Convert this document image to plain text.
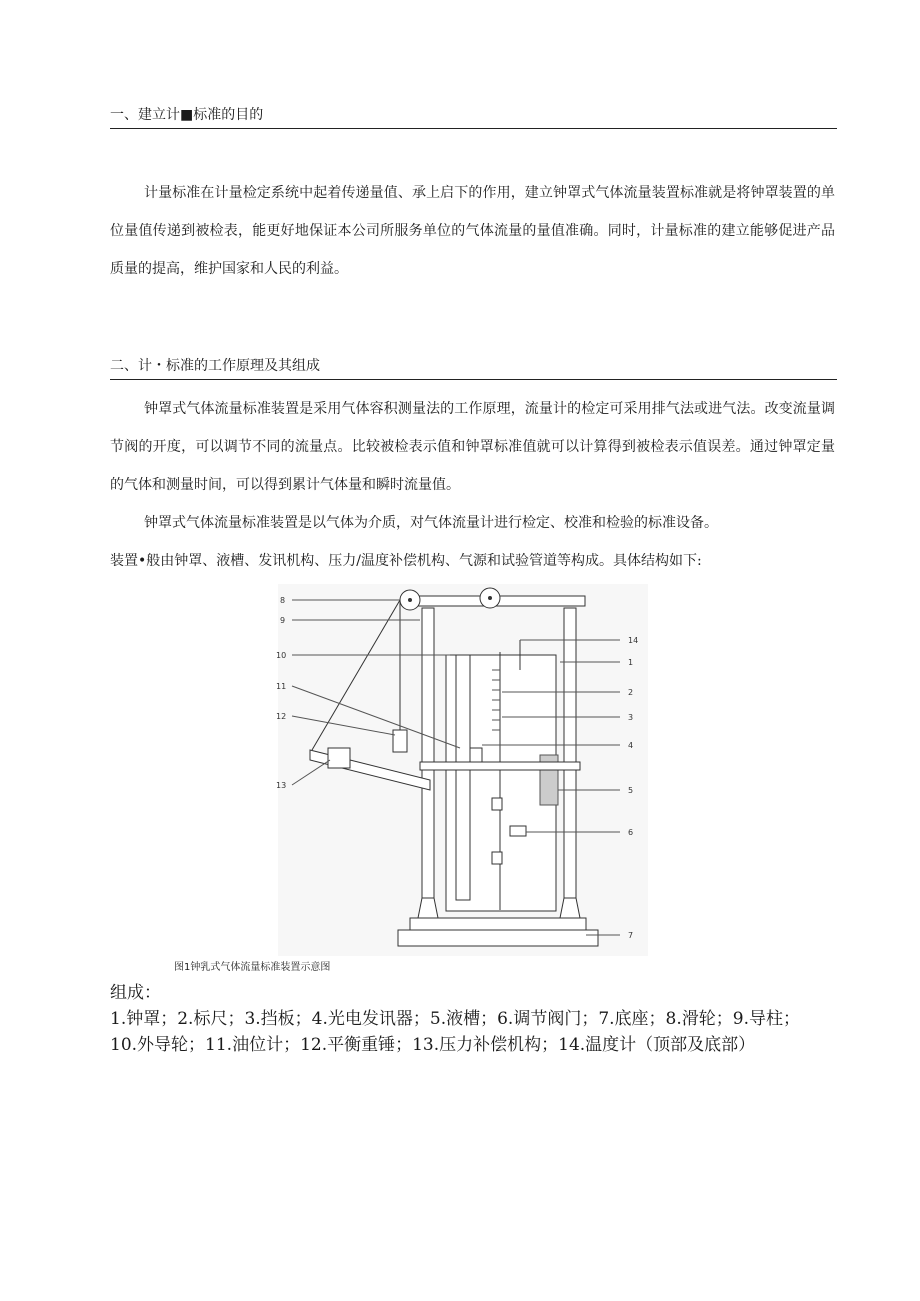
一、建立计■标准的目的

计量标准在计量检定系统中起着传递量值、承上启下的作用，建立钟罩式气体流量装置标准就是将钟罩装置的单位量值传递到被检表，能更好地保证本公司所服务单位的气体流量的量值准确。同时，计量标准的建立能够促进产品质量的提高，维护国家和人民的利益。

二、计・标准的工作原理及其组成

钟罩式气体流量标准装置是采用气体容积测量法的工作原理，流量计的检定可采用排气法或进气法。改变流量调节阀的开度，可以调节不同的流量点。比较被检表示值和钟罩标准值就可以计算得到被检表示值误差。通过钟罩定量的气体和测量时间，可以得到累计气体量和瞬时流量值。

钟罩式气体流量标准装置是以气体为介质，对气体流量计进行检定、校准和检验的标准设备。

装置•般由钟罩、液槽、发讯机构、压力/温度补偿机构、气源和试验管道等构成。具体结构如下:

8
9
10
11
12
13
14
1
2
3
4
5
6
7
图1钟乳式气体流量标准装置示意图

组成：

1.钟罩；2.标尺；3.挡板；4.光电发讯器；5.液槽；6.调节阀门；7.底座；8.滑轮；9.导柱；

10.外导轮；11.油位计；12.平衡重锤；13.压力补偿机构；14.温度计（顶部及底部）
